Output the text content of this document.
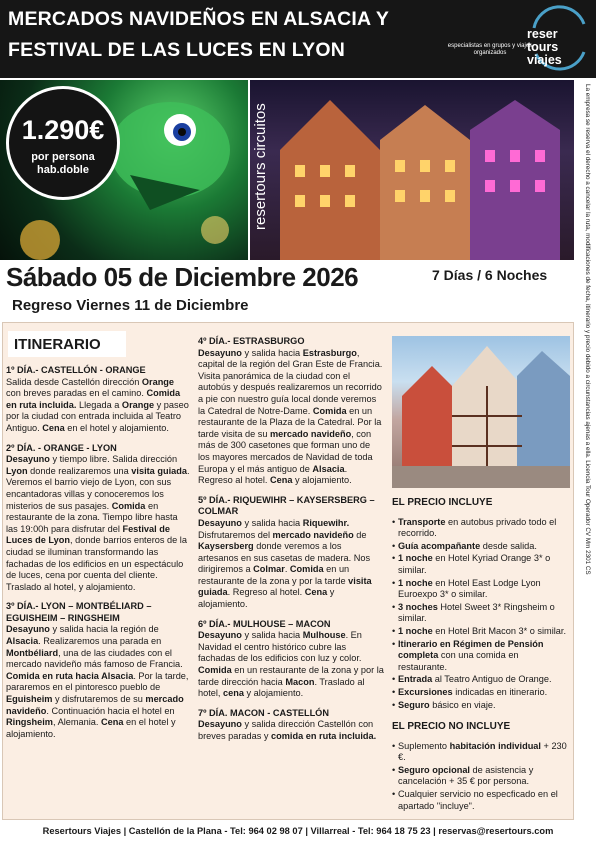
MERCADOS NAVIDEÑOS EN ALSACIA Y
FESTIVAL DE LAS LUCES EN LYON	especialistas en grupos y viajes organizados
reser tours viajes
resertours circuitos
1.290€
por persona
hab.doble	La empresa se reserva el derecho a cancelar la ruta, modificaciones de fecha, itinerario y precio debido a circunstancias ajenas a ella. Licencia Tour Operador CV Mm 2301 CS
Sábado 05 de Diciembre 2026	7 Días / 6 Noches
Regreso Viernes 11 de Diciembre
ITINERARIO
1º DÍA.- CASTELLÓN - ORANGE
Salida desde Castellón dirección Orange con breves paradas en el camino. Comida en ruta incluida. Llegada a Orange y paseo por la ciudad con entrada incluida al Teatro Antiguo. Cena en el hotel y alojamiento.
2º DÍA. - ORANGE - LYON
Desayuno y tiempo libre. Salida dirección Lyon donde realizaremos una visita guiada. Veremos el barrio viejo de Lyon, con sus encantadoras villas y conoceremos los misterios de sus pasajes. Comida en restaurante de la zona. Tiempo libre hasta las 19:00h para disfrutar del Festival de Luces de Lyon, donde barrios enteros de la ciudad se iluminan transformando las fachadas de los edificios en un espectáculo de luces, cena por cuenta del cliente. Traslado al hotel, y alojamiento.
3º DÍA.- LYON – MONTBÉLIARD – EGUISHEIM – RINGSHEIM
Desayuno y salida hacia la región de Alsacia. Realizaremos una parada en Montbéliard, una de las ciudades con el mercado navideño más famoso de Francia. Comida en ruta hacia Alsacia. Por la tarde, pararemos en el pintoresco pueblo de Eguisheim y disfrutaremos de su mercado navideño. Continuación hacia el hotel en Ringsheim, Alemania. Cena en el hotel y alojamiento.
4º DÍA.- ESTRASBURGO
Desayuno y salida hacia Estrasburgo, capital de la región del Gran Este de Francia. Visita panorámica de la ciudad con el autobús y después realizaremos un recorrido a pie con nuestro guía local donde veremos la Catedral de Notre-Dame. Comida en un restaurante de la Plaza de la Catedral. Por la tarde visita de su mercado navideño, con más de 300 casetones que forman uno de los mayores mercados de Navidad de toda Europa y el más antiguo de Alsacia. Regreso al hotel. Cena y alojamiento.
5º DÍA.- RIQUEWIHR – KAYSERSBERG – COLMAR
Desayuno y salida hacia Riquewihr. Disfrutaremos del mercado navideño de Kaysersberg donde veremos a los artesanos en sus casetas de madera. Nos dirigiremos a Colmar. Comida en un restaurante de la zona y por la tarde visita guiada. Regreso al hotel. Cena y alojamiento.
6º DÍA.- MULHOUSE – MACON
Desayuno y salida hacia Mulhouse. En Navidad el centro histórico cubre las fachadas de los edificios con luz y color. Comida en un restaurante de la zona y por la tarde dirección hacia Macon. Traslado al hotel, cena y alojamiento.
7º DÍA. MACON - CASTELLÓN
Desayuno y salida dirección Castellón con breves paradas y comida en ruta incluida.
EL PRECIO INCLUYE
• Transporte en autobus privado todo el recorrido.
• Guía acompañante desde salida.
• 1 noche en Hotel Kyriad Orange 3* o similar.
• 1 noche en Hotel East Lodge Lyon Euroexpo 3* o similar.
• 3 noches Hotel Sweet 3* Ringsheim o similar.
• 1 noche en Hotel Brit Macon 3* o similar.
• Itinerario en Régimen de Pensión completa con una comida en restaurante.
• Entrada al Teatro Antiguo de Orange.
• Excursiones indicadas en itinerario.
• Seguro básico en viaje.
EL PRECIO NO INCLUYE
• Suplemento habitación individual + 230 €.
• Seguro opcional de asistencia y cancelación + 35 € por persona.
• Cualquier servicio no especficado en el apartado "incluye".
Resertours Viajes | Castellón de la Plana - Tel: 964 02 98 07 | Villarreal - Tel: 964 18 75 23 | reservas@resertours.com
